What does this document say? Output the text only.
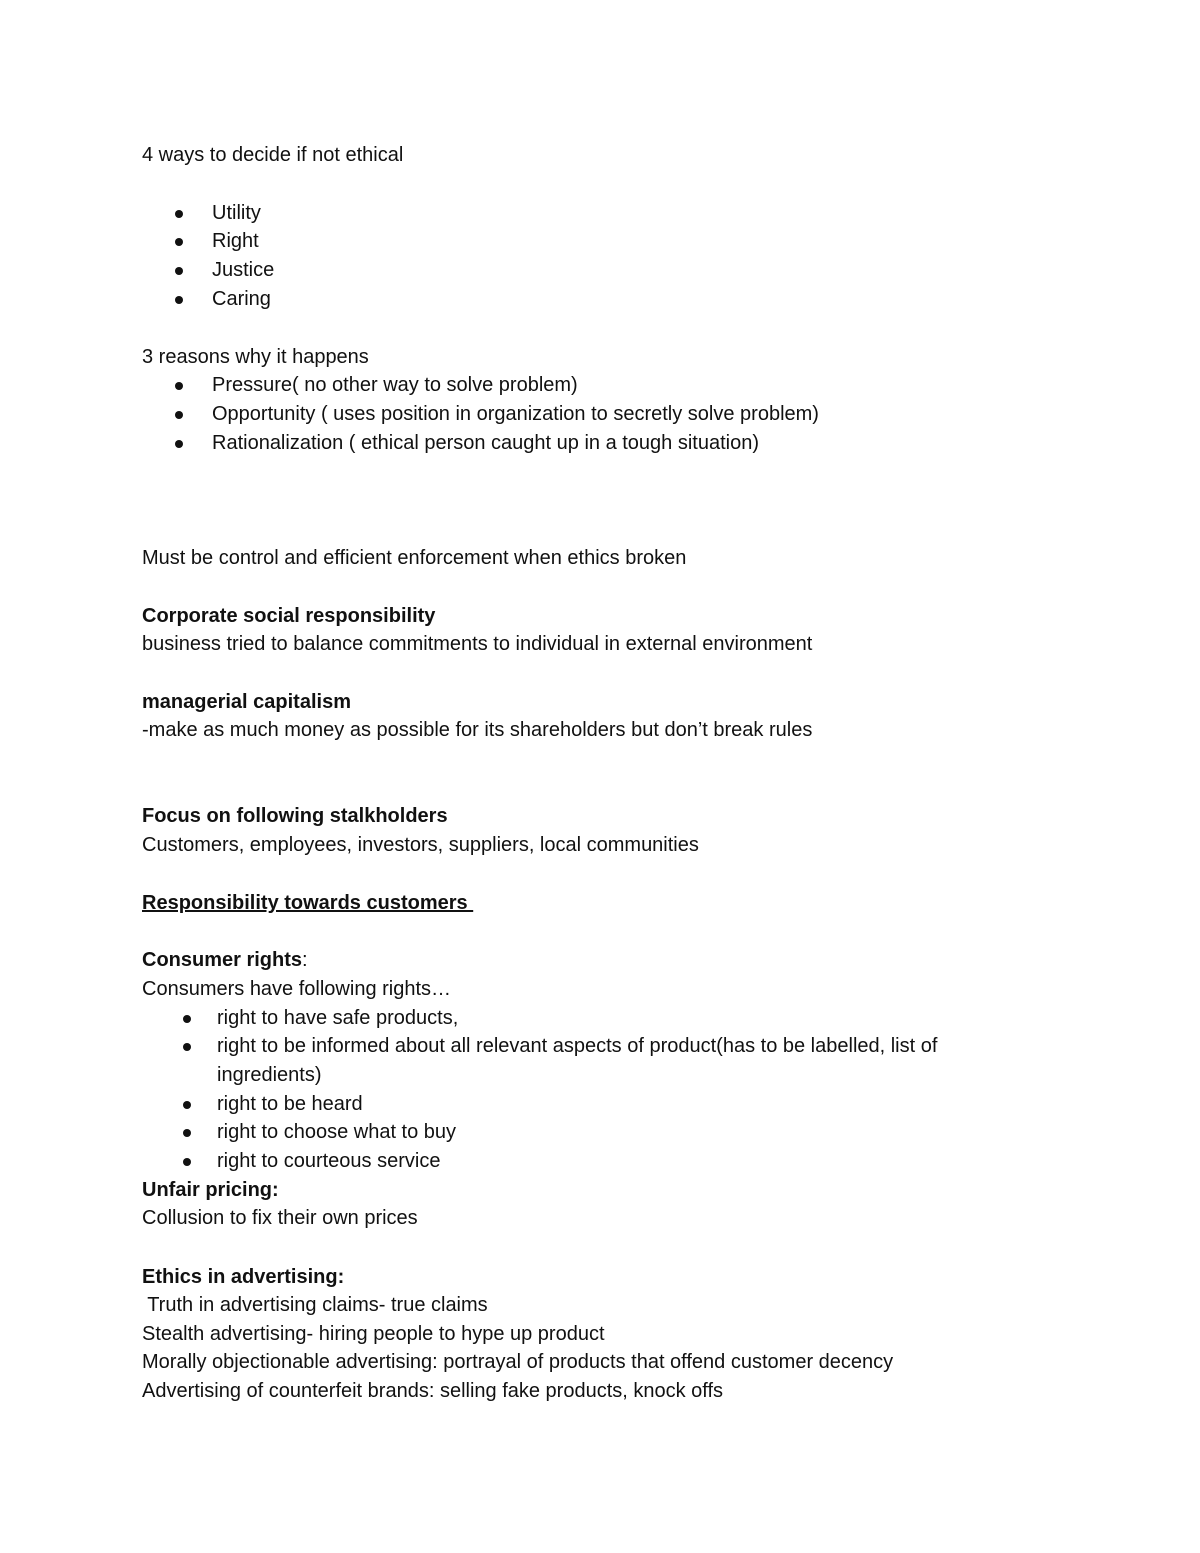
4 ways to decide if not ethical
Utility
Right
Justice
Caring
3 reasons why it happens
Pressure( no other way to solve problem)
Opportunity ( uses position in organization to secretly solve problem)
Rationalization ( ethical person caught up in a tough situation)
Must be control and efficient enforcement when ethics broken
Corporate social responsibility
business tried to balance commitments to individual in external environment
managerial capitalism
-make as much money as possible for its shareholders but don’t break rules
Focus on following stalkholders
Customers, employees, investors, suppliers, local communities
Responsibility towards customers
Consumer rights:
Consumers have following rights…
right to have safe products,
right to be informed about all relevant aspects of product(has to be labelled, list of
ingredients)
right to be heard
right to choose what to buy
right to courteous service
Unfair pricing:
Collusion to fix their own prices
Ethics in advertising:
Truth in advertising claims- true claims
Stealth advertising- hiring people to hype up product
Morally objectionable advertising: portrayal of products that offend customer decency
Advertising of counterfeit brands: selling fake products, knock offs
